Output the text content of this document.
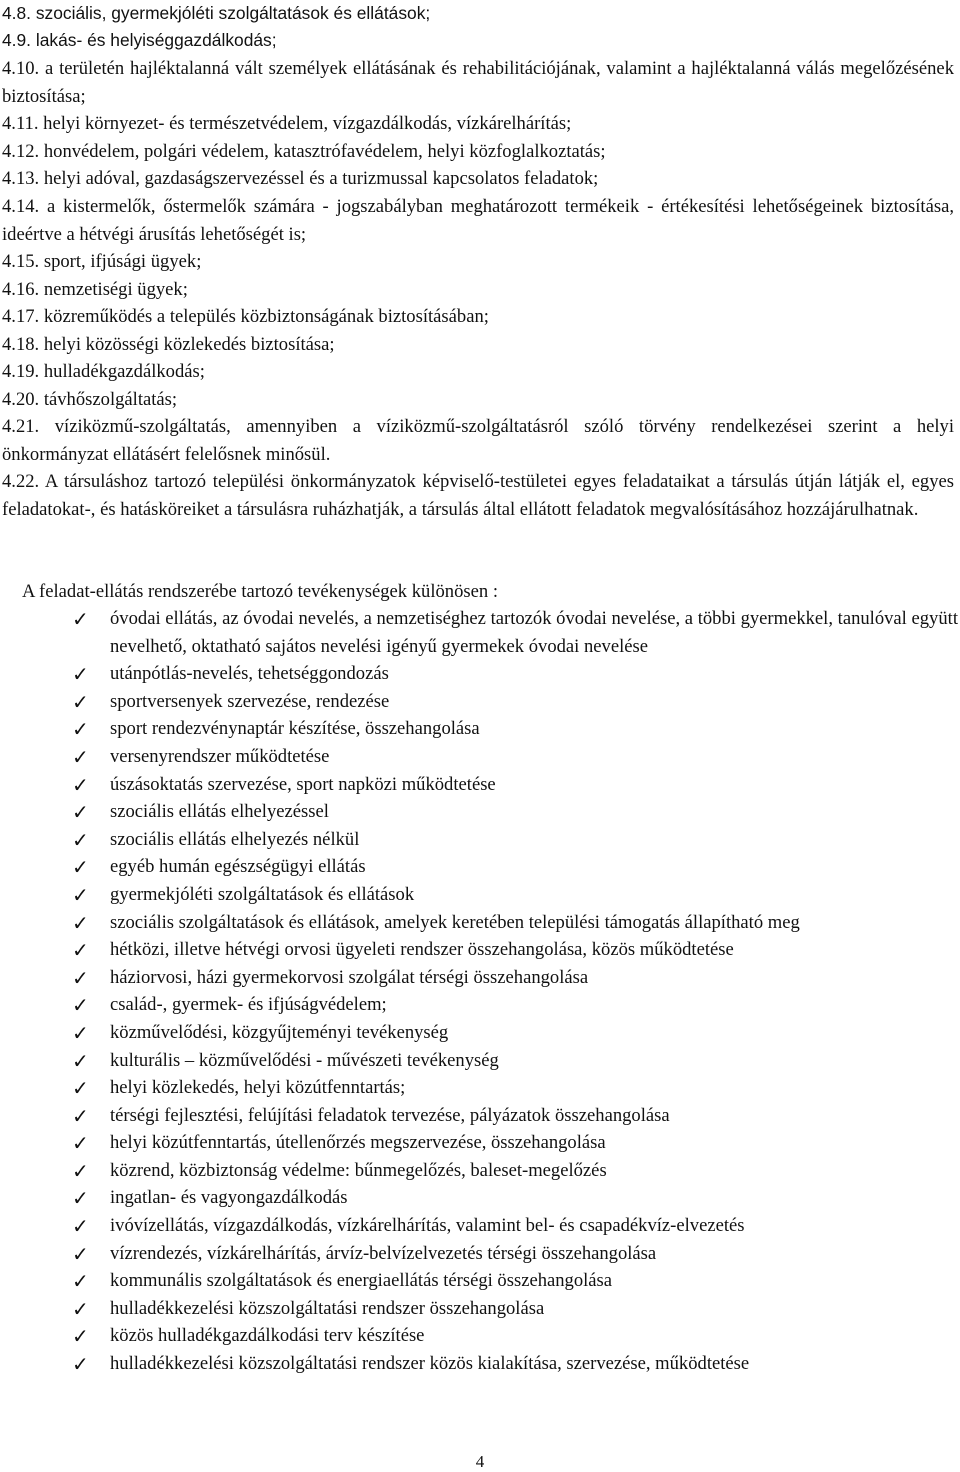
4.8. szociális, gyermekjóléti szolgáltatások és ellátások;
4.9. lakás- és helyiséggazdálkodás;
4.10. a területén hajléktalanná vált személyek ellátásának és rehabilitációjának, valamint a hajléktalanná válás megelőzésének biztosítása;
4.11. helyi környezet- és természetvédelem, vízgazdálkodás, vízkárelhárítás;
4.12. honvédelem, polgári védelem, katasztrófavédelem, helyi közfoglalkoztatás;
4.13. helyi adóval, gazdaságszervezéssel és a turizmussal kapcsolatos feladatok;
4.14. a kistermelők, őstermelők számára - jogszabályban meghatározott termékeik - értékesítési lehetőségeinek biztosítása, ideértve a hétvégi árusítás lehetőségét is;
4.15. sport, ifjúsági ügyek;
4.16. nemzetiségi ügyek;
4.17. közreműködés a település közbiztonságának biztosításában;
4.18. helyi közösségi közlekedés biztosítása;
4.19. hulladékgazdálkodás;
4.20. távhőszolgáltatás;
4.21. víziközmű-szolgáltatás, amennyiben a víziközmű-szolgáltatásról szóló törvény rendelkezései szerint a helyi önkormányzat ellátásért felelősnek minősül.
4.22. A társuláshoz tartozó települési önkormányzatok képviselő-testületei egyes feladataikat a társulás útján látják el, egyes feladatokat-, és hatásköreiket a társulásra ruházhatják, a társulás által ellátott feladatok megvalósításához hozzájárulhatnak.
A feladat-ellátás rendszerébe tartozó tevékenységek különösen :
✓ óvodai ellátás, az óvodai nevelés, a nemzetiséghez tartozók óvodai nevelése, a többi gyermekkel, tanulóval együtt nevelhető, oktatható sajátos nevelési igényű gyermekek óvodai nevelése
✓ utánpótlás-nevelés, tehetséggondozás
✓ sportversenyek szervezése, rendezése
✓ sport rendezvénynaptár készítése, összehangolása
✓ versenyrendszer működtetése
✓ úszásoktatás szervezése, sport napközi működtetése
✓ szociális ellátás elhelyezéssel
✓ szociális ellátás elhelyezés nélkül
✓ egyéb humán egészségügyi ellátás
✓ gyermekjóléti szolgáltatások és ellátások
✓ szociális szolgáltatások és ellátások, amelyek keretében települési támogatás állapítható meg
✓ hétközi, illetve hétvégi orvosi ügyeleti rendszer összehangolása, közös működtetése
✓ háziorvosi, házi gyermekorvosi szolgálat térségi összehangolása
✓ család-, gyermek- és ifjúságvédelem;
✓ közművelődési, közgyűjteményi tevékenység
✓ kulturális – közművelődési - művészeti tevékenység
✓ helyi közlekedés, helyi közútfenntartás;
✓ térségi fejlesztési, felújítási feladatok tervezése, pályázatok összehangolása
✓ helyi közútfenntartás, útellenőrzés megszervezése, összehangolása
✓ közrend, közbiztonság védelme: bűnmegelőzés, baleset-megelőzés
✓ ingatlan- és vagyongazdálkodás
✓ ivóvízellátás, vízgazdálkodás, vízkárelhárítás, valamint bel- és csapadékvíz-elvezetés
✓ vízrendezés, vízkárelhárítás, árvíz-belvízelvezetés térségi összehangolása
✓ kommunális szolgáltatások és energiaellátás térségi összehangolása
✓ hulladékkezelési közszolgáltatási rendszer összehangolása
✓ közös hulladékgazdálkodási terv készítése
✓ hulladékkezelési közszolgáltatási rendszer közös kialakítása, szervezése, működtetése
4
